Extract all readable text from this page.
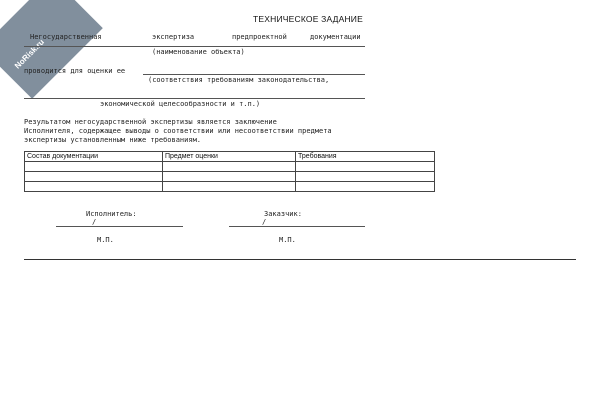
NoRisk.ru
ТЕХНИЧЕСКОЕ ЗАДАНИЕ
Негосударственная	экспертиза	предпроектной	документации
(наименование объекта)
проводится для оценки ее
(соответствия требованиям законодательства,
экономической целесообразности и т.п.)
Результатом негосударственной экспертизы является заключение
Исполнителя, содержащее выводы о соответствии или несоответствии предмета
экспертизы установленным ниже требованиям.
Состав документации	Предмет оценки	Требования

Исполнитель:
/
М.П.
Заказчик:
/
М.П.
